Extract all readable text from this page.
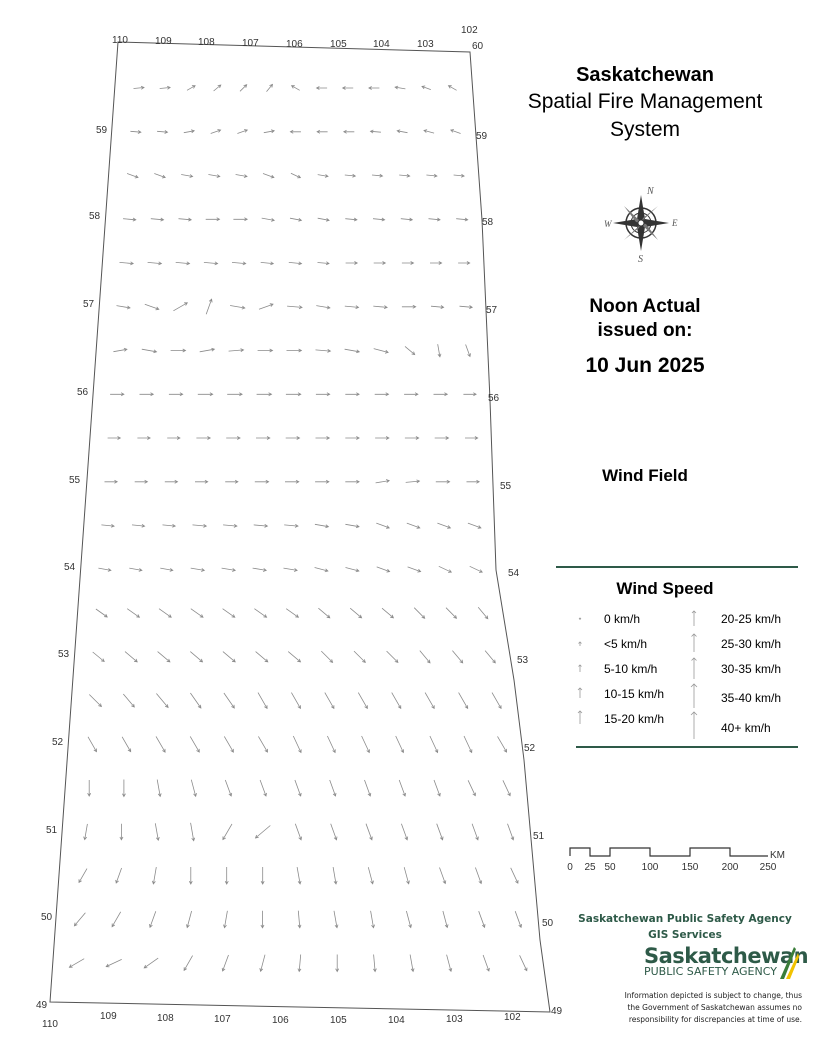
110	109	108	107	106	105	104	103
102
110
109	108	107	106	105	104	103	102
60
59
59
58
58
57
57
56
56
55
55
54
54
53
53
52
52
51
51
50
50
49
49
Saskatchewan
Spatial Fire Management
System
N
S
E
W
Noon Actual
issued on:
10 Jun 2025
Wind Field
Wind Speed
0 km/h
<5 km/h
5-10 km/h
10-15 km/h
15-20 km/h
20-25 km/h
25-30 km/h
30-35 km/h
35-40 km/h
40+ km/h
KM
0 25 50	100 150 200 250
Saskatchewan Public Safety Agency
GIS Services
Saskatchewan
PUBLIC SAFETY AGENCY
Information depicted is subject to change, thus
the Government of Saskatchewan assumes no
responsibility for discrepancies at time of use.
